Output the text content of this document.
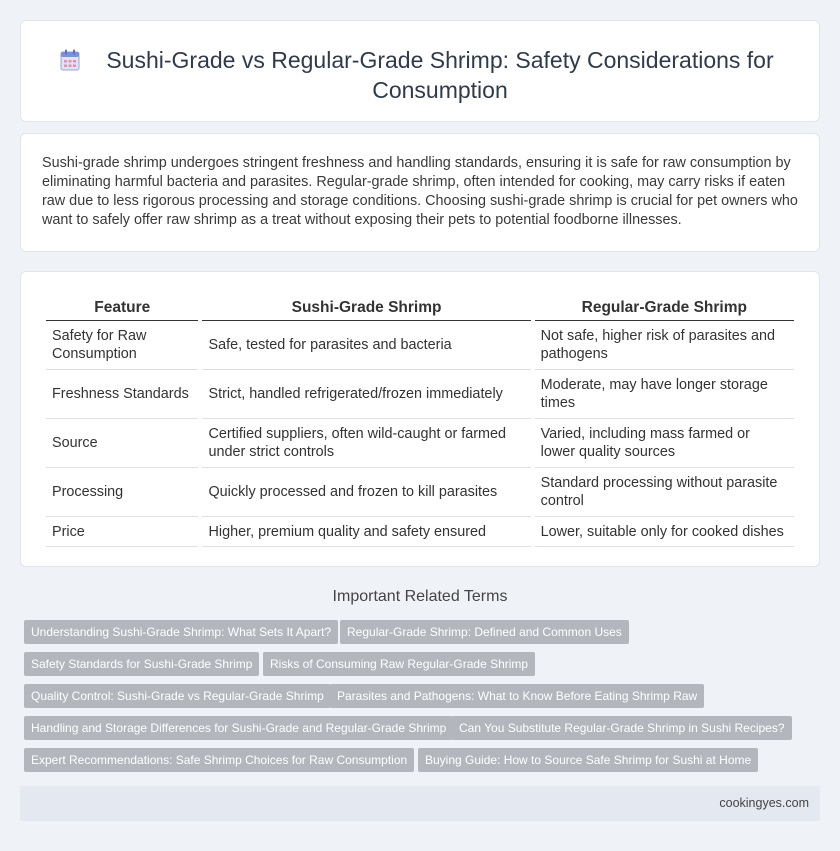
Sushi-Grade vs Regular-Grade Shrimp: Safety Considerations for Consumption

Sushi-grade shrimp undergoes stringent freshness and handling standards, ensuring it is safe for raw consumption by eliminating harmful bacteria and parasites. Regular-grade shrimp, often intended for cooking, may carry risks if eaten raw due to less rigorous processing and storage conditions. Choosing sushi-grade shrimp is crucial for pet owners who want to safely offer raw shrimp as a treat without exposing their pets to potential foodborne illnesses.

Feature	Sushi-Grade Shrimp	Regular-Grade Shrimp
Safety for Raw Consumption	Safe, tested for parasites and bacteria	Not safe, higher risk of parasites and pathogens
Freshness Standards	Strict, handled refrigerated/frozen immediately	Moderate, may have longer storage times
Source	Certified suppliers, often wild-caught or farmed under strict controls	Varied, including mass farmed or lower quality sources
Processing	Quickly processed and frozen to kill parasites	Standard processing without parasite control
Price	Higher, premium quality and safety ensured	Lower, suitable only for cooked dishes
Important Related Terms
Understanding Sushi-Grade Shrimp: What Sets It Apart?	Regular-Grade Shrimp: Defined and Common Uses
Safety Standards for Sushi-Grade Shrimp	Risks of Consuming Raw Regular-Grade Shrimp
Quality Control: Sushi-Grade vs Regular-Grade Shrimp	Parasites and Pathogens: What to Know Before Eating Shrimp Raw
Handling and Storage Differences for Sushi-Grade and Regular-Grade Shrimp	Can You Substitute Regular-Grade Shrimp in Sushi Recipes?
Expert Recommendations: Safe Shrimp Choices for Raw Consumption	Buying Guide: How to Source Safe Shrimp for Sushi at Home
cookingyes.com
